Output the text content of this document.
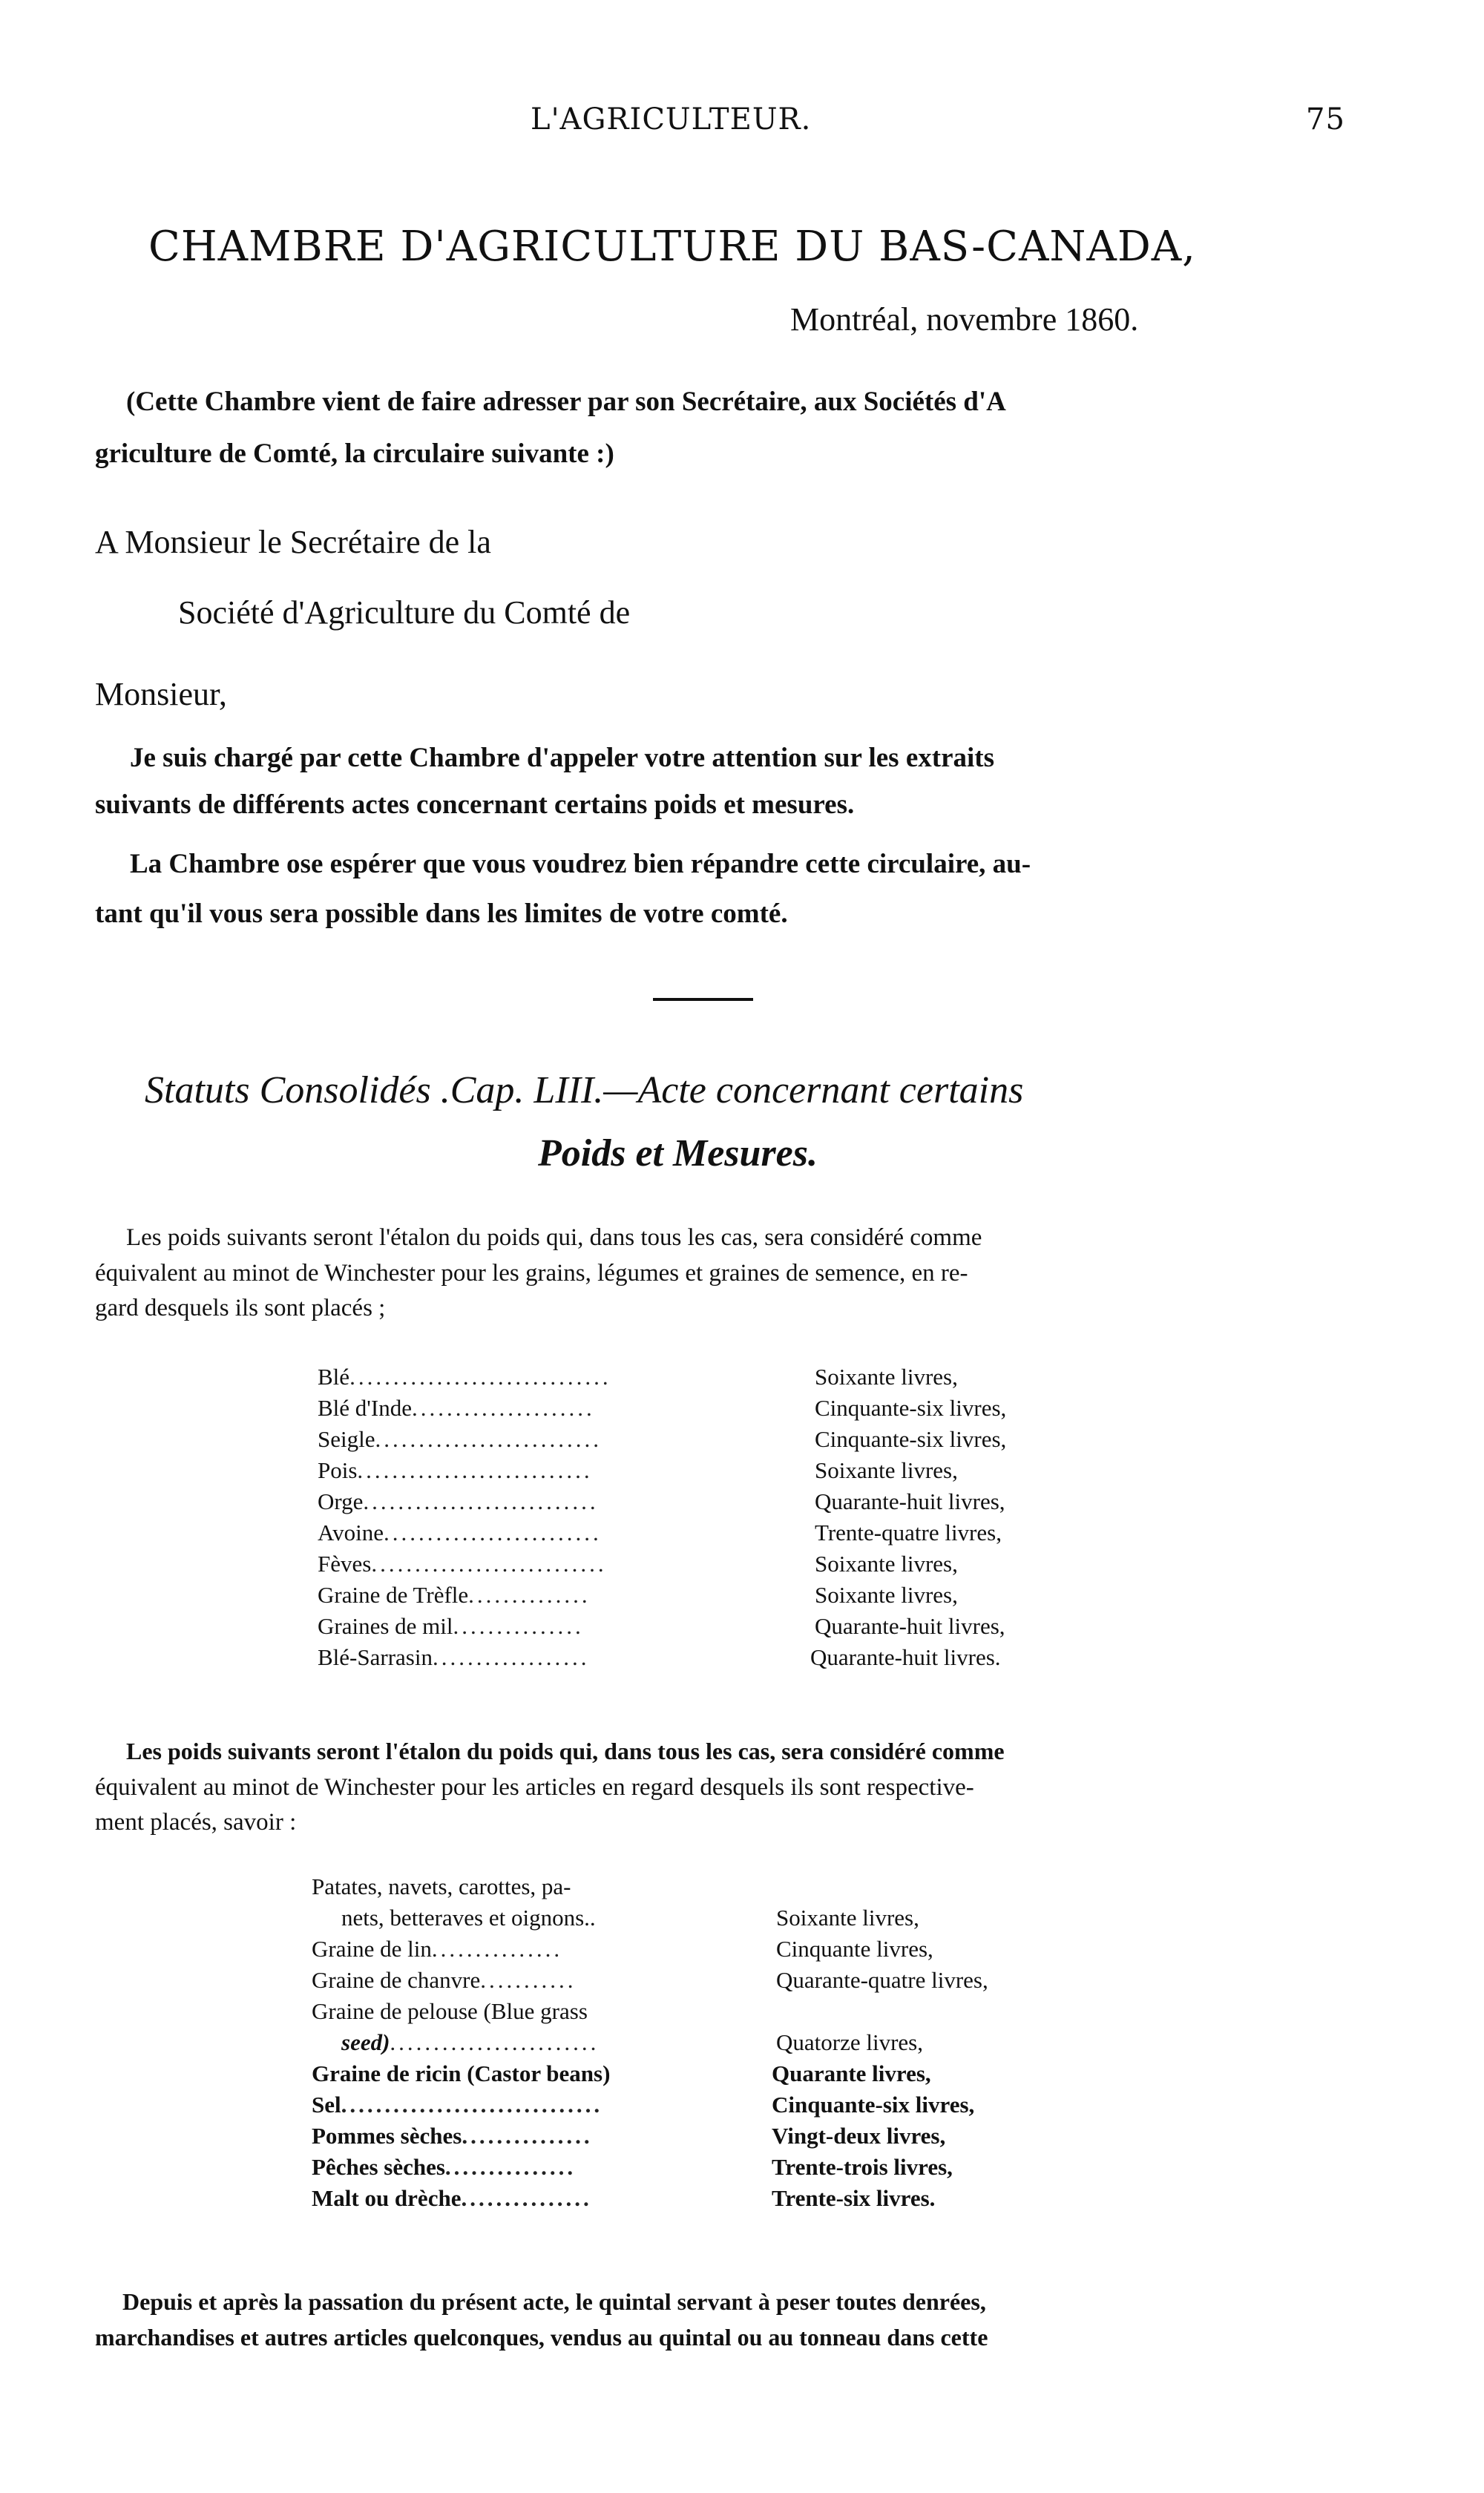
L'AGRICULTEUR.	75
CHAMBRE D'AGRICULTURE DU BAS-CANADA,
Montréal, novembre 1860.
(Cette Chambre vient de faire adresser par son Secrétaire, aux Sociétés d'A
griculture de Comté, la circulaire suivante :)
A Monsieur le Secrétaire de la
Société d'Agriculture du Comté de
Monsieur,
Je suis chargé par cette Chambre d'appeler votre attention sur les extraits
suivants de différents actes concernant certains poids et mesures.
La Chambre ose espérer que vous voudrez bien répandre cette circulaire, au-
tant qu'il vous sera possible dans les limites de votre comté.
Statuts Consolidés .Cap. LIII.—Acte concernant certains
Poids et Mesures.
Les poids suivants seront l'étalon du poids qui, dans tous les cas, sera considéré comme
équivalent au minot de Winchester pour les grains, légumes et graines de semence, en re-
gard desquels ils sont placés ;
Blé ..............................	Soixante livres,
Blé d'Inde .....................	Cinquante-six livres,
Seigle ..........................	Cinquante-six livres,
Pois ...........................	Soixante livres,
Orge ...........................	Quarante-huit livres,
Avoine .........................	Trente-quatre livres,
Fèves ...........................	Soixante livres,
Graine de Trèfle ..............	Soixante livres,
Graines de mil ...............	Quarante-huit livres,
Blé-Sarrasin ..................	Quarante-huit livres.
Les poids suivants seront l'étalon du poids qui, dans tous les cas, sera considéré comme
équivalent au minot de Winchester pour les articles en regard desquels ils sont respective-
ment placés, savoir :
Patates, navets, carottes, pa-
nets, betteraves et oignons..	Soixante livres,
Graine de lin ...............	Cinquante livres,
Graine de chanvre ...........	Quarante-quatre livres,
Graine de pelouse (Blue grass
seed) ........................	Quatorze livres,
Graine de ricin (Castor beans)	Quarante livres,
Sel ..............................	Cinquante-six livres,
Pommes sèches ...............	Vingt-deux livres,
Pêches sèches ...............	Trente-trois livres,
Malt ou drèche ...............	Trente-six livres.
Depuis et après la passation du présent acte, le quintal servant à peser toutes denrées,
marchandises et autres articles quelconques, vendus au quintal ou au tonneau dans cette
